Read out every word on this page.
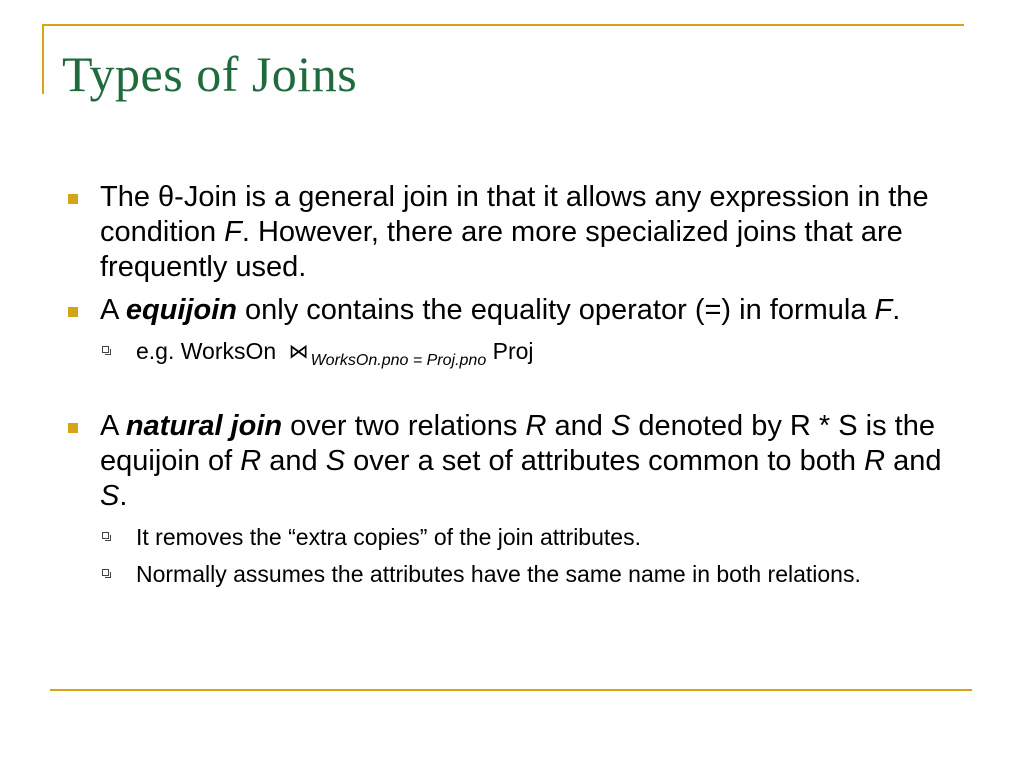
Types of Joins
The θ-Join is a general join in that it allows any expression in the condition F. However, there are more specialized joins that are frequently used.
A equijoin only contains the equality operator (=) in formula F.
e.g. WorksOn ⋈ $_{WorksOn.pno = Proj.pno}$ Proj
A natural join over two relations R and S denoted by R * S is the equijoin of R and S over a set of attributes common to both R and S.
It removes the “extra copies” of the join attributes.
Normally assumes the attributes have the same name in both relations.
